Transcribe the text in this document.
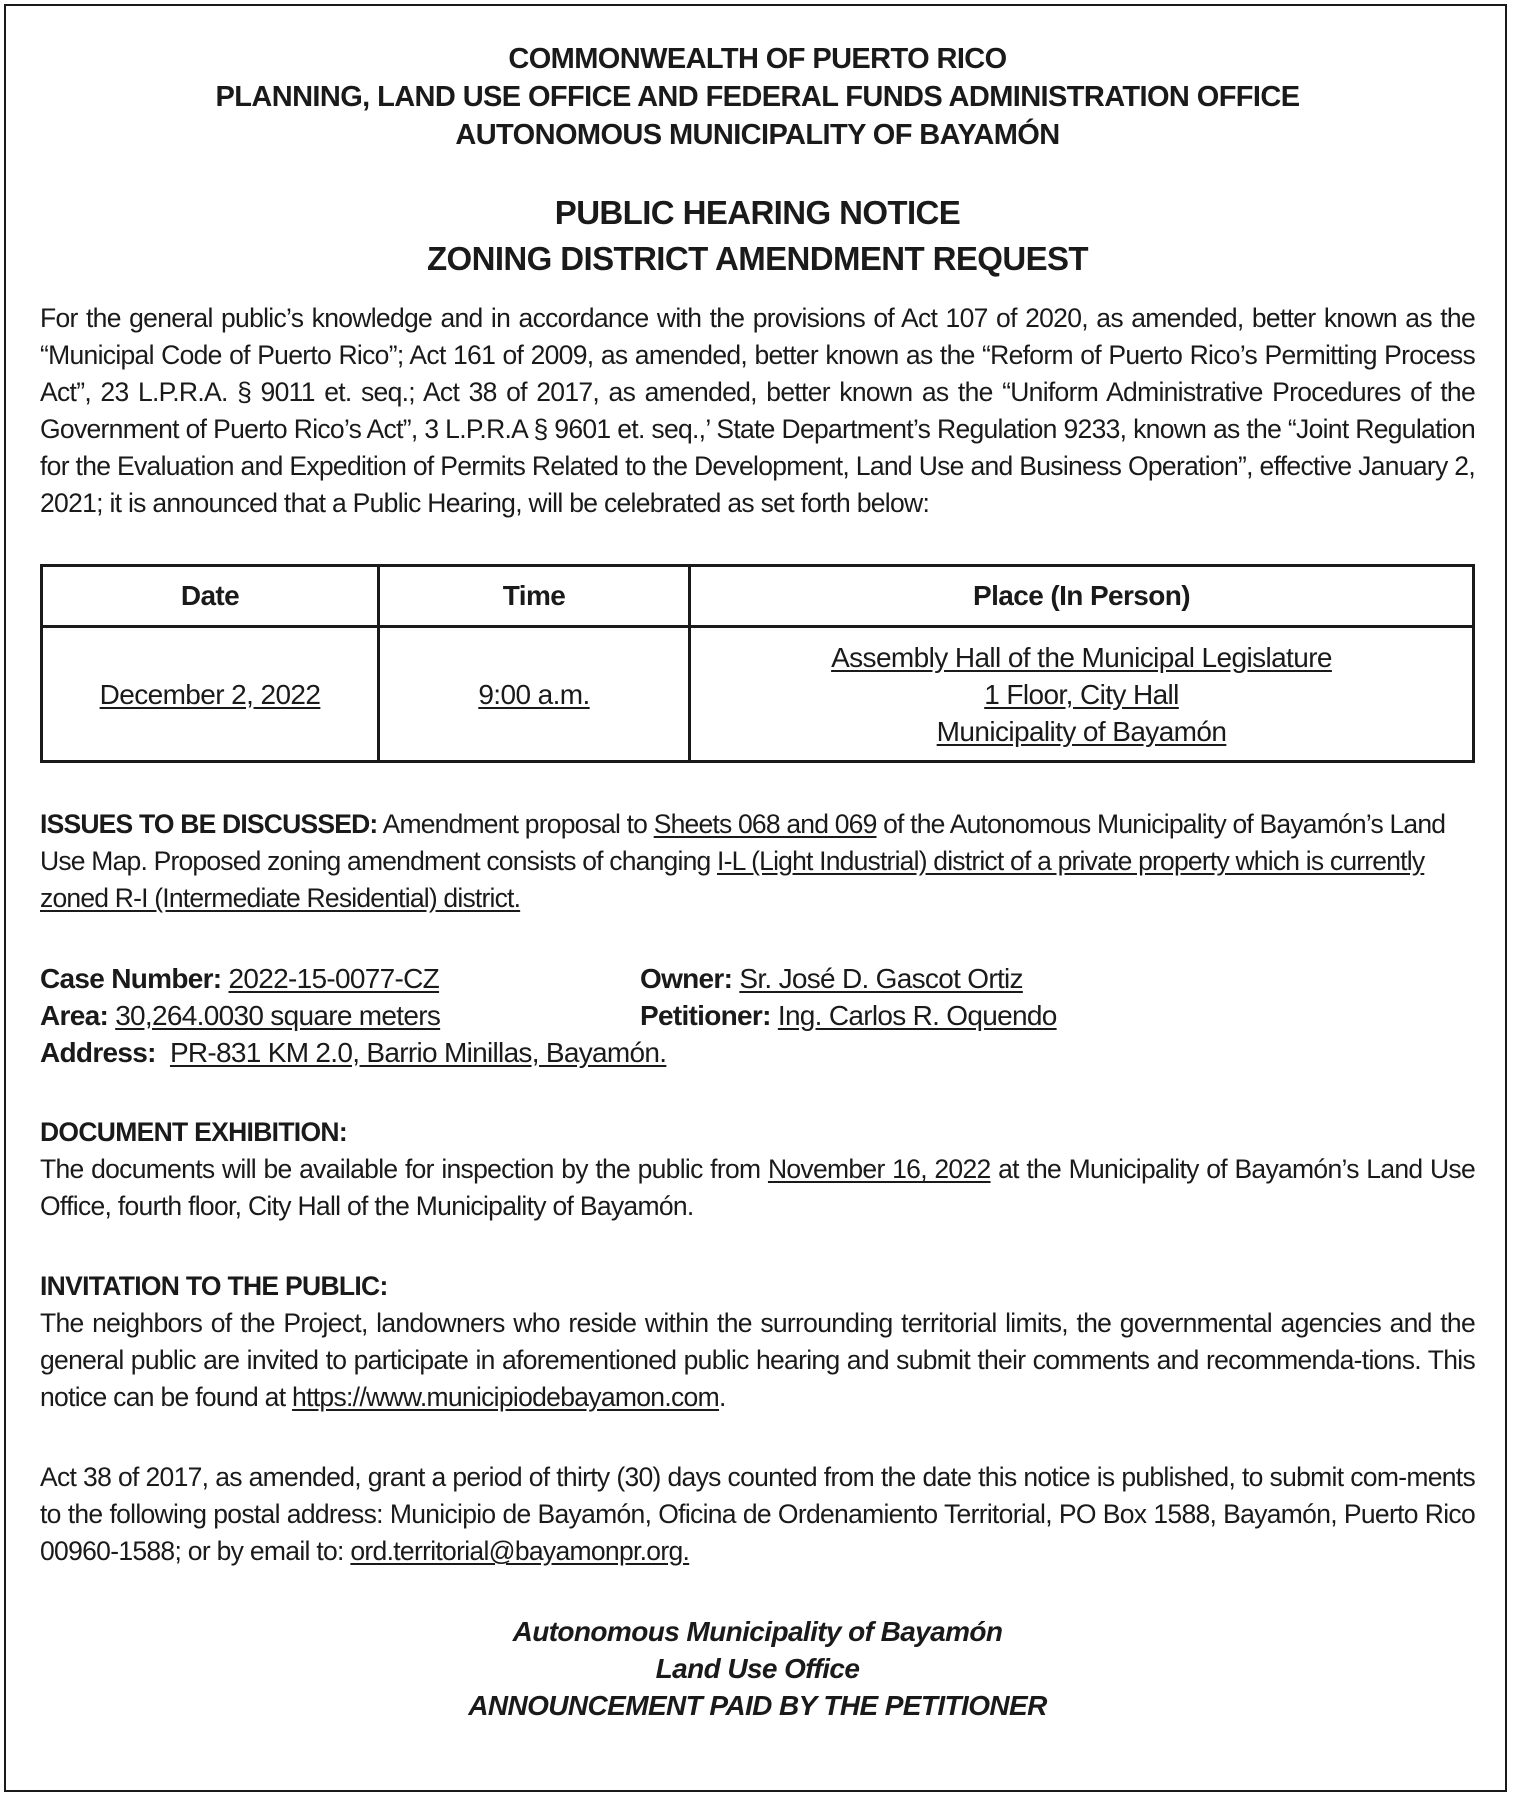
COMMONWEALTH OF PUERTO RICO
PLANNING, LAND USE OFFICE AND FEDERAL FUNDS ADMINISTRATION OFFICE
AUTONOMOUS MUNICIPALITY OF BAYAMÓN
PUBLIC HEARING NOTICE
ZONING DISTRICT AMENDMENT REQUEST

For the general public’s knowledge and in accordance with the provisions of Act 107 of 2020, as amended, better known as the “Municipal Code of Puerto Rico”; Act 161 of 2009, as amended, better known as the “Reform of Puerto Rico’s Permitting Process Act”, 23 L.P.R.A. § 9011 et. seq.; Act 38 of 2017, as amended, better known as the “Uniform Administrative Procedures of the Government of Puerto Rico’s Act”, 3 L.P.R.A § 9601 et. seq.,’ State Department’s Regulation 9233, known as the “Joint Regulation for the Evaluation and Expedition of Permits Related to the Development, Land Use and Business Operation”, effective January 2, 2021; it is announced that a Public Hearing, will be celebrated as set forth below:

Date	Time	Place (In Person)
December 2, 2022	9:00 a.m.	Assembly Hall of the Municipal Legislature
1 Floor, City Hall
Municipality of Bayamón
ISSUES TO BE DISCUSSED: Amendment proposal to Sheets 068 and 069 of the Autonomous Municipality of Bayamón’s Land Use Map. Proposed zoning amendment consists of changing I-L (Light Industrial) district of a private property which is currently zoned R-I (Intermediate Residential) district.
Case Number: 2022-15-0077-CZ	Owner: Sr. José D. Gascot Ortiz
Area: 30,264.0030 square meters	Petitioner: Ing. Carlos R. Oquendo
Address: PR-831 KM 2.0, Barrio Minillas, Bayamón.
DOCUMENT EXHIBITION:
The documents will be available for inspection by the public from November 16, 2022 at the Municipality of Bayamón’s Land Use Office, fourth floor, City Hall of the Municipality of Bayamón.
INVITATION TO THE PUBLIC:
The neighbors of the Project, landowners who reside within the surrounding territorial limits, the governmental agencies and the general public are invited to participate in aforementioned public hearing and submit their comments and recommenda-tions. This notice can be found at https://www.municipiodebayamon.com.
Act 38 of 2017, as amended, grant a period of thirty (30) days counted from the date this notice is published, to submit com-ments to the following postal address: Municipio de Bayamón, Oficina de Ordenamiento Territorial, PO Box 1588, Bayamón, Puerto Rico 00960-1588; or by email to: ord.territorial@bayamonpr.org.
Autonomous Municipality of Bayamón
Land Use Office
ANNOUNCEMENT PAID BY THE PETITIONER
